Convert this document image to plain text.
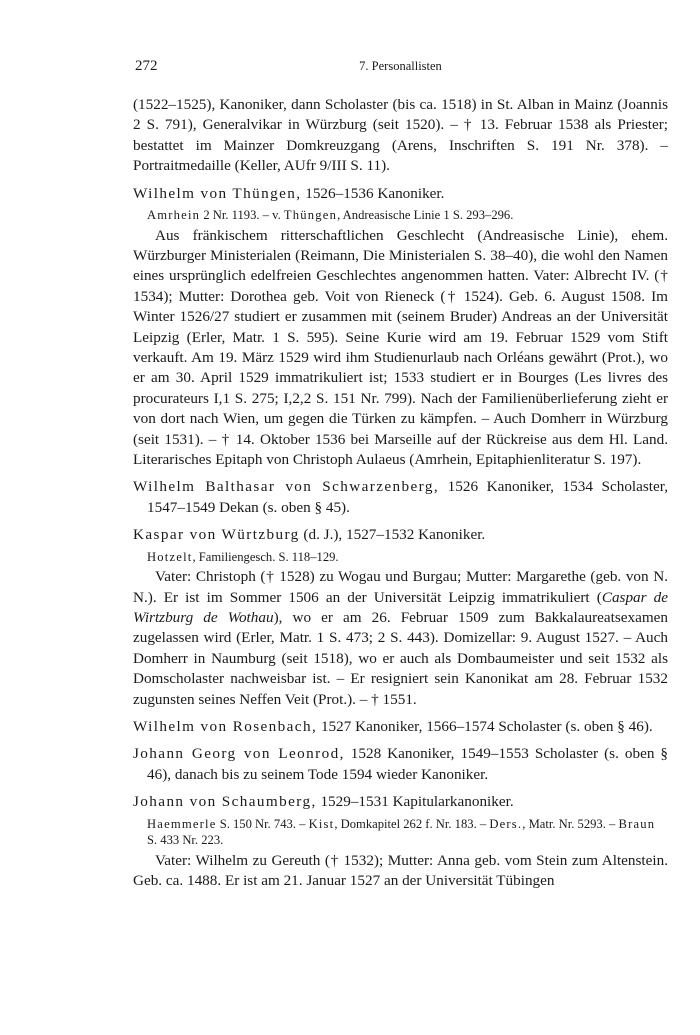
272	7. Personallisten

(1522–1525), Kanoniker, dann Scholaster (bis ca. 1518) in St. Alban in Mainz (Joannis 2 S. 791), Generalvikar in Würzburg (seit 1520). – † 13. Februar 1538 als Priester; bestattet im Mainzer Domkreuzgang (Arens, Inschriften S. 191 Nr. 378). – Portraitmedaille (Keller, AUfr 9/III S. 11).

Wilhelm von Thüngen, 1526–1536 Kanoniker.

Amrhein 2 Nr. 1193. – v. Thüngen, Andreasische Linie 1 S. 293–296.

Aus fränkischem ritterschaftlichen Geschlecht (Andreasische Linie), ehem. Würzburger Ministerialen (Reimann, Die Ministerialen S. 38–40), die wohl den Namen eines ursprünglich edelfreien Geschlechtes angenommen hatten. Vater: Albrecht IV. († 1534); Mutter: Dorothea geb. Voit von Rieneck († 1524). Geb. 6. August 1508. Im Winter 1526/27 studiert er zusammen mit (seinem Bruder) Andreas an der Universität Leipzig (Erler, Matr. 1 S. 595). Seine Kurie wird am 19. Februar 1529 vom Stift verkauft. Am 19. März 1529 wird ihm Studienurlaub nach Orléans gewährt (Prot.), wo er am 30. April 1529 immatrikuliert ist; 1533 studiert er in Bourges (Les livres des procurateurs I,1 S. 275; I,2,2 S. 151 Nr. 799). Nach der Familienüberlieferung zieht er von dort nach Wien, um gegen die Türken zu kämpfen. – Auch Domherr in Würzburg (seit 1531). – † 14. Oktober 1536 bei Marseille auf der Rückreise aus dem Hl. Land. Literarisches Epitaph von Christoph Aulaeus (Amrhein, Epitaphienliteratur S. 197).

Wilhelm Balthasar von Schwarzenberg, 1526 Kanoniker, 1534 Scholaster, 1547–1549 Dekan (s. oben § 45).

Kaspar von Würtzburg (d. J.), 1527–1532 Kanoniker.

Hotzelt, Familiengesch. S. 118–129.

Vater: Christoph († 1528) zu Wogau und Burgau; Mutter: Margarethe (geb. von N. N.). Er ist im Sommer 1506 an der Universität Leipzig immatrikuliert (Caspar de Wirtzburg de Wothau), wo er am 26. Februar 1509 zum Bakkalaureatsexamen zugelassen wird (Erler, Matr. 1 S. 473; 2 S. 443). Domizellar: 9. August 1527. – Auch Domherr in Naumburg (seit 1518), wo er auch als Dombaumeister und seit 1532 als Domscholaster nachweisbar ist. – Er resigniert sein Kanonikat am 28. Februar 1532 zugunsten seines Neffen Veit (Prot.). – † 1551.

Wilhelm von Rosenbach, 1527 Kanoniker, 1566–1574 Scholaster (s. oben § 46).

Johann Georg von Leonrod, 1528 Kanoniker, 1549–1553 Scholaster (s. oben § 46), danach bis zu seinem Tode 1594 wieder Kanoniker.

Johann von Schaumberg, 1529–1531 Kapitularkanoniker.

Haemmerle S. 150 Nr. 743. – Kist, Domkapitel 262 f. Nr. 183. – Ders., Matr. Nr. 5293. – Braun S. 433 Nr. 223.

Vater: Wilhelm zu Gereuth († 1532); Mutter: Anna geb. vom Stein zum Altenstein. Geb. ca. 1488. Er ist am 21. Januar 1527 an der Universität Tübingen
